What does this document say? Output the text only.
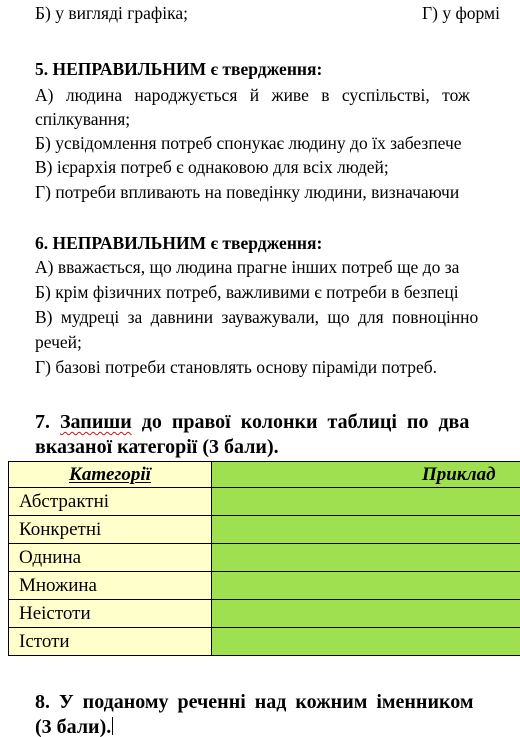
Б) у вигляді графіка;	Г) у формі
5. НЕПРАВИЛЬНИМ є твердження:
А) людина народжується й живе в суспільстві, тож
спілкування;
Б) усвідомлення потреб спонукає людину до їх забезпече
В) ієрархія потреб є однаковою для всіх людей;
Г) потреби впливають на поведінку людини, визначаючи
6. НЕПРАВИЛЬНИМ є твердження:
А) вважається, що людина прагне інших потреб ще до за
Б) крім фізичних потреб, важливими є потреби в безпеці
В) мудреці за давнини зауважували, що для повноцінно
речей;
Г) базові потреби становлять основу піраміди потреб.
7. Запиши до правої колонки таблиці по два
вказаної категорії (3 бали).
Категорії	Приклад
Абстрактні	
Конкретні	
Однина	
Множина	
Неістоти	
Істоти	
8. У поданому реченні над кожним іменником
(3 бали).
